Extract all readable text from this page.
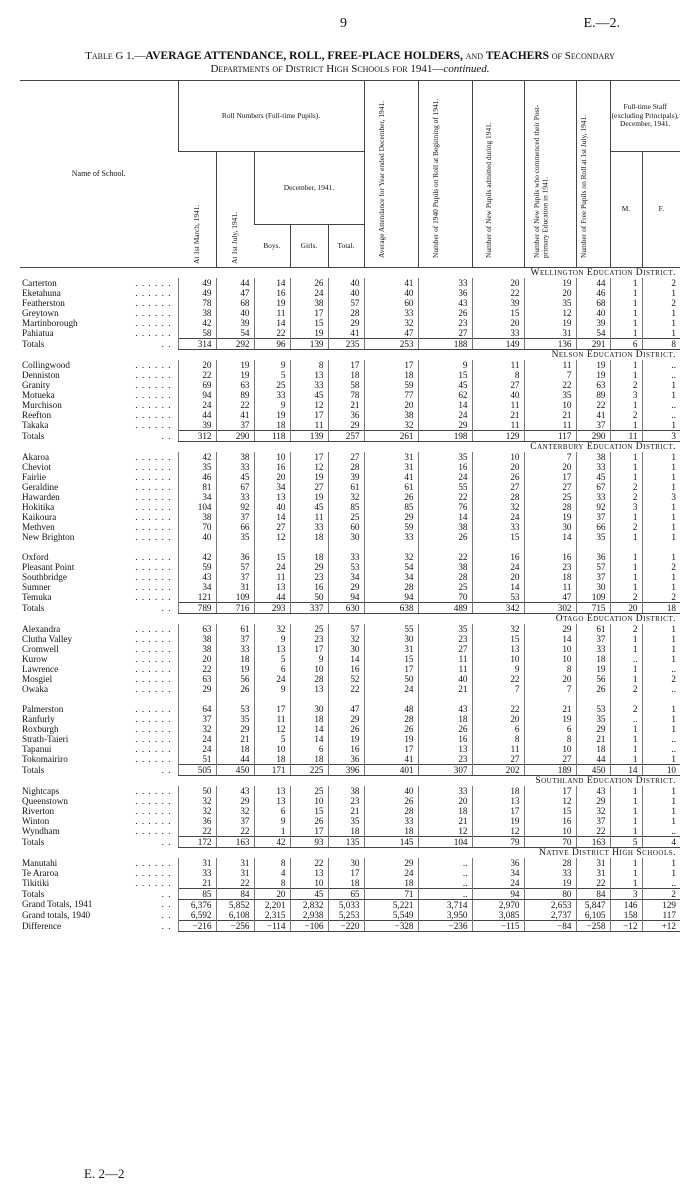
9	E.—2.
Table G 1.—AVERAGE ATTENDANCE, ROLL, FREE-PLACE HOLDERS, and TEACHERS of Secondary
Departments of District High Schools for 1941—continued.
Name of School.	Roll Numbers (Full-time Pupils).					Average Attendance for Year ended December, 1941.	Number of 1940 Pupils on Roll at Beginning of 1941.	Number of New Pupils admitted during 1941.	Number of New Pupils who commenced their Post-primary Education in 1941.	Number of Free Pupils on Roll at 1st July, 1941.	Full-time Staff (excluding Principals), December, 1941.	
	At 1st March, 1941.	At 1st July, 1941.	December, 1941.								M.	F.
			Boys.	Girls.	Total.							
Wellington Education District.												
Carterton . . . . . .	49	44	14	26	40	41	33	20	19	44	1	2
Eketahuna . . . . . .	49	47	16	24	40	40	36	22	20	46	1	1
Featherston . . . . . .	78	68	19	38	57	60	43	39	35	68	1	2
Greytown . . . . . .	38	40	11	17	28	33	26	15	12	40	1	1
Martinborough . . . . . .	42	39	14	15	29	32	23	20	19	39	1	1
Pahiatua . . . . . .	58	54	22	19	41	47	27	33	31	54	1	1
Totals . .	314	292	96	139	235	253	188	149	136	291	6	8
Nelson Education District.												
Collingwood . . . . . .	20	19	9	8	17	17	9	11	11	19	1	..
Denniston . . . . . .	22	19	5	13	18	18	15	8	7	19	1	..
Granity . . . . . .	69	63	25	33	58	59	45	27	22	63	2	1
Motueka . . . . . .	94	89	33	45	78	77	62	40	35	89	3	1
Murchison . . . . . .	24	22	9	12	21	20	14	11	10	22	1	..
Reefton . . . . . .	44	41	19	17	36	38	24	21	21	41	2	..
Takaka . . . . . .	39	37	18	11	29	32	29	11	11	37	1	1
Totals . .	312	290	118	139	257	261	198	129	117	290	11	3
Canterbury Education District.												
Akaroa . . . . . .	42	38	10	17	27	31	35	10	7	38	1	1
Cheviot . . . . . .	35	33	16	12	28	31	16	20	20	33	1	1
Fairlie . . . . . .	46	45	20	19	39	41	24	26	17	45	1	1
Geraldine . . . . . .	81	67	34	27	61	61	55	27	27	67	2	1
Hawarden . . . . . .	34	33	13	19	32	26	22	28	25	33	2	3
Hokitika . . . . . .	104	92	40	45	85	85	76	32	28	92	3	1
Kaikoura . . . . . .	38	37	14	11	25	29	14	24	19	37	1	1
Methven . . . . . .	70	66	27	33	60	59	38	33	30	66	2	1
New Brighton . . . . . .	40	35	12	18	30	33	26	15	14	35	1	1

Oxford . . . . . .	42	36	15	18	33	32	22	16	16	36	1	1
Pleasant Point . . . . . .	59	57	24	29	53	54	38	24	23	57	1	2
Southbridge . . . . . .	43	37	11	23	34	34	28	20	18	37	1	1
Sumner . . . . . .	34	31	13	16	29	28	25	14	11	30	1	1
Temuka . . . . . .	121	109	44	50	94	94	70	53	47	109	2	2
Totals . .	789	716	293	337	630	638	489	342	302	715	20	18
Otago Education District.												
Alexandra . . . . . .	63	61	32	25	57	55	35	32	29	61	2	1
Clutha Valley . . . . . .	38	37	9	23	32	30	23	15	14	37	1	1
Cromwell . . . . . .	38	33	13	17	30	31	27	13	10	33	1	1
Kurow . . . . . .	20	18	5	9	14	15	11	10	10	18	..	1
Lawrence . . . . . .	22	19	6	10	16	17	11	9	8	19	1	..
Mosgiel . . . . . .	63	56	24	28	52	50	40	22	20	56	1	2
Owaka . . . . . .	29	26	9	13	22	24	21	7	7	26	2	..

Palmerston . . . . . .	64	53	17	30	47	48	43	22	21	53	2	1
Ranfurly . . . . . .	37	35	11	18	29	28	18	20	19	35	..	1
Roxburgh . . . . . .	32	29	12	14	26	26	26	6	6	29	1	1
Strath-Taieri . . . . . .	24	21	5	14	19	19	16	8	8	21	1	..
Tapanui . . . . . .	24	18	10	6	16	17	13	11	10	18	1	..
Tokomairiro . . . . . .	51	44	18	18	36	41	23	27	27	44	1	1
Totals . .	505	450	171	225	396	401	307	202	189	450	14	10
Southland Education District.												
Nightcaps . . . . . .	50	43	13	25	38	40	33	18	17	43	1	1
Queenstown . . . . . .	32	29	13	10	23	26	20	13	12	29	1	1
Riverton . . . . . .	32	32	6	15	21	28	18	17	15	32	1	1
Winton . . . . . .	36	37	9	26	35	33	21	19	16	37	1	1
Wyndham . . . . . .	22	22	1	17	18	18	12	12	10	22	1	..
Totals . .	172	163	42	93	135	145	104	79	70	163	5	4
Native District High Schools.												
Manutahi . . . . . .	31	31	8	22	30	29	..	36	28	31	1	1
Te Araroa . . . . . .	33	31	4	13	17	24	..	34	33	31	1	1
Tikitiki . . . . . .	21	22	8	10	18	18	..	24	19	22	1	..
Totals . .	85	84	20	45	65	71	..	94	80	84	3	2
Grand Totals, 1941 . .	6,376	5,852	2,201	2,832	5,033	5,221	3,714	2,970	2,653	5,847	146	129
Grand totals, 1940 . .	6,592	6,108	2,315	2,938	5,253	5,549	3,950	3,085	2,737	6,105	158	117
Difference . .	−216	−256	−114	−106	−220	−328	−236	−115	−84	−258	−12	+12
E. 2—2
